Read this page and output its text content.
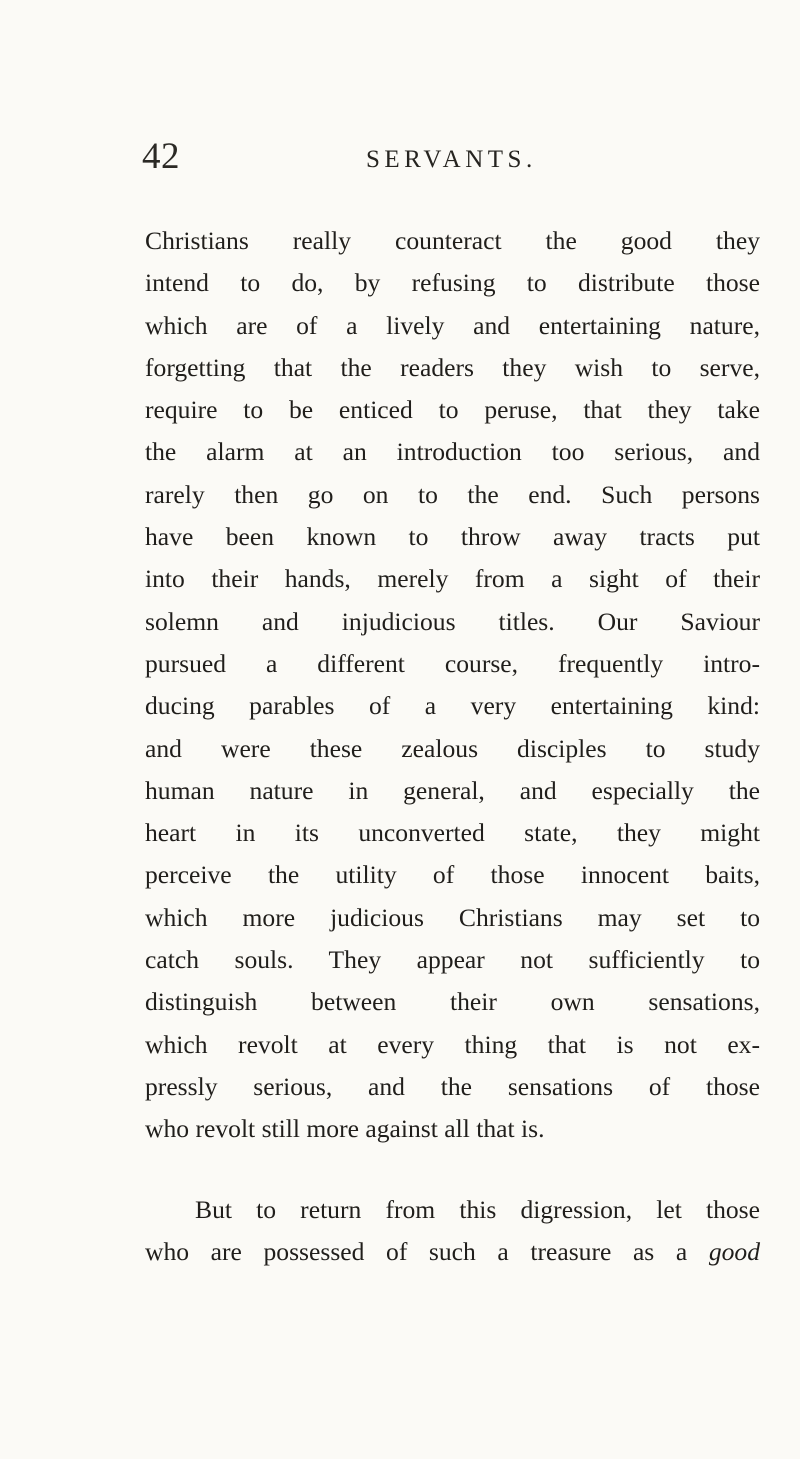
42	SERVANTS.
Christians really counteract the good they
intend to do, by refusing to distribute those
which are of a lively and entertaining nature,
forgetting that the readers they wish to serve,
require to be enticed to peruse, that they take
the alarm at an introduction too serious, and
rarely then go on to the end. Such persons
have been known to throw away tracts put
into their hands, merely from a sight of their
solemn and injudicious titles. Our Saviour
pursued a different course, frequently intro-
ducing parables of a very entertaining kind:
and were these zealous disciples to study
human nature in general, and especially the
heart in its unconverted state, they might
perceive the utility of those innocent baits,
which more judicious Christians may set to
catch souls. They appear not sufficiently to
distinguish between their own sensations,
which revolt at every thing that is not ex-
pressly serious, and the sensations of those
who revolt still more against all that is.
But to return from this digression, let those
who are possessed of such a treasure as a good
